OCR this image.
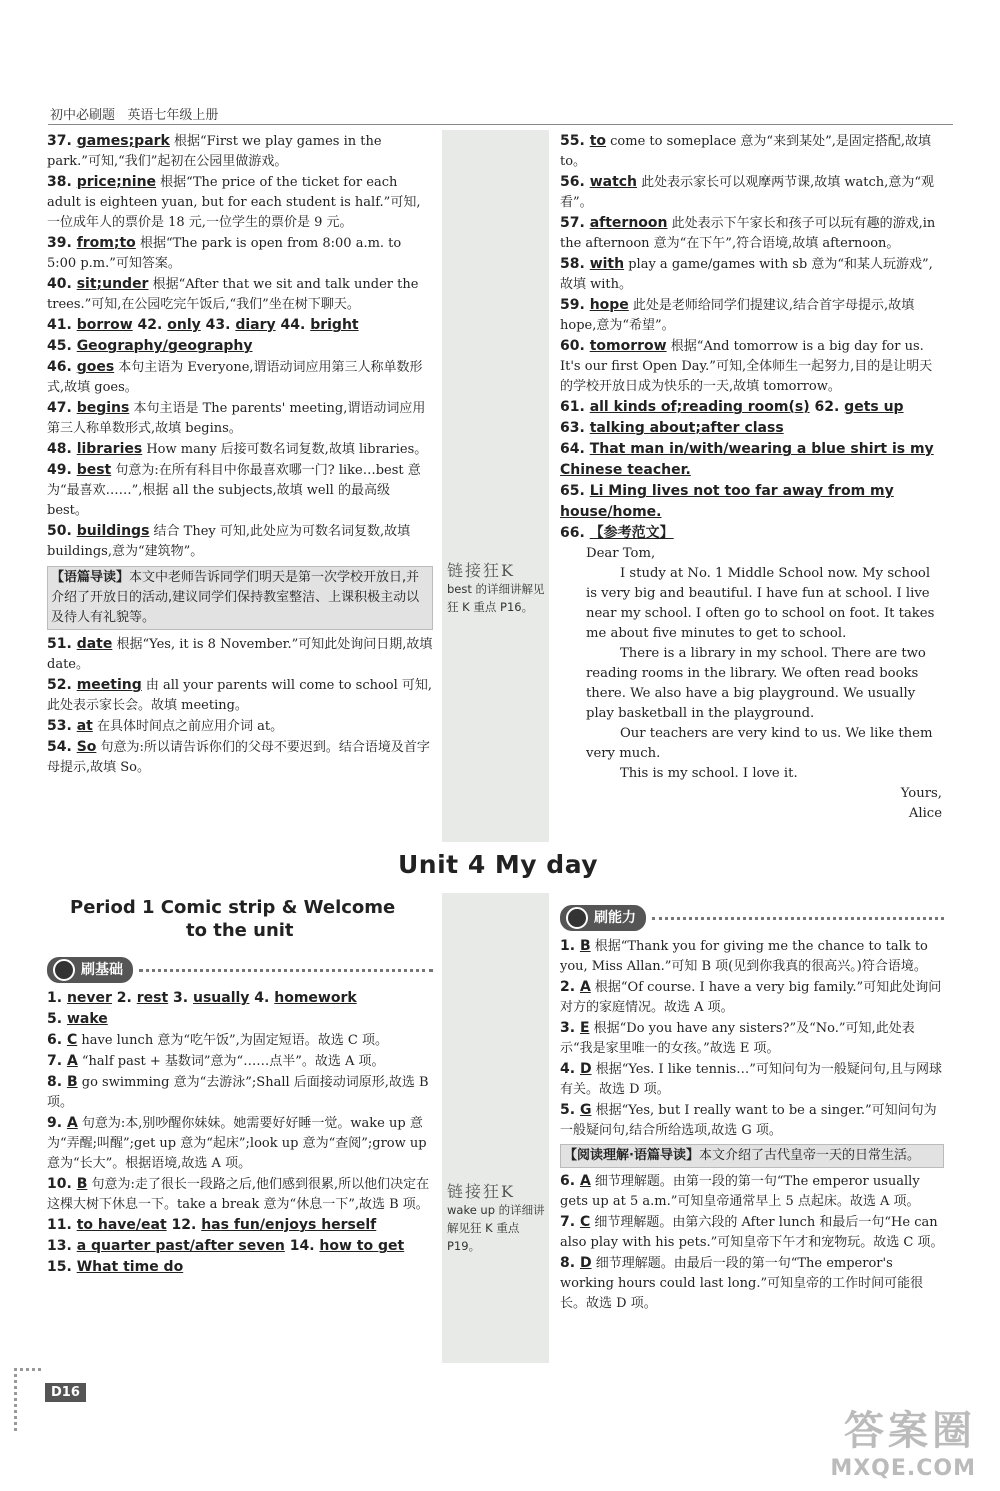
初中必刷题 英语七年级上册
37. games;park 根据“First we play games in the park.”可知,“我们”起初在公园里做游戏。
38. price;nine 根据“The price of the ticket for each adult is eighteen yuan, but for each student is half.”可知,一位成年人的票价是 18 元,一位学生的票价是 9 元。
39. from;to 根据“The park is open from 8:00 a.m. to 5:00 p.m.”可知答案。
40. sit;under 根据“After that we sit and talk under the trees.”可知,在公园吃完午饭后,“我们”坐在树下聊天。
41. borrow 42. only 43. diary 44. bright
45. Geography/geography
46. goes 本句主语为 Everyone,谓语动词应用第三人称单数形式,故填 goes。
47. begins 本句主语是 The parents' meeting,谓语动词应用第三人称单数形式,故填 begins。
48. libraries How many 后接可数名词复数,故填 libraries。
49. best 句意为:在所有科目中你最喜欢哪一门? like…best 意为“最喜欢……”,根据 all the subjects,故填 well 的最高级 best。
50. buildings 结合 They 可知,此处应为可数名词复数,故填 buildings,意为“建筑物”。
【语篇导读】本文中老师告诉同学们明天是第一次学校开放日,并介绍了开放日的活动,建议同学们保持教室整洁、上课积极主动以及待人有礼貌等。
51. date 根据“Yes, it is 8 November.”可知此处询问日期,故填 date。
52. meeting 由 all your parents will come to school 可知,此处表示家长会。故填 meeting。
53. at 在具体时间点之前应用介词 at。
54. So 句意为:所以请告诉你们的父母不要迟到。结合语境及首字母提示,故填 So。
链接狂K
best 的详细讲解见狂 K 重点 P16。
55. to come to someplace 意为“来到某处”,是固定搭配,故填 to。
56. watch 此处表示家长可以观摩两节课,故填 watch,意为“观看”。
57. afternoon 此处表示下午家长和孩子可以玩有趣的游戏,in the afternoon 意为“在下午”,符合语境,故填 afternoon。
58. with play a game/games with sb 意为“和某人玩游戏”,故填 with。
59. hope 此处是老师给同学们提建议,结合首字母提示,故填 hope,意为“希望”。
60. tomorrow 根据“And tomorrow is a big day for us. It's our first Open Day.”可知,全体师生一起努力,目的是让明天的学校开放日成为快乐的一天,故填 tomorrow。
61. all kinds of;reading room(s) 62. gets up
63. talking about;after class
64. That man in/with/wearing a blue shirt is my Chinese teacher.
65. Li Ming lives not too far away from my house/home.
66. 【参考范文】
Dear Tom,

I study at No. 1 Middle School now. My school is very big and beautiful. I have fun at school. I live near my school. I often go to school on foot. It takes me about five minutes to get to school.

There is a library in my school. There are two reading rooms in the library. We often read books there. We also have a big playground. We usually play basketball in the playground.

Our teachers are very kind to us. We like them very much.

This is my school. I love it.

Yours,
Alice
Unit 4 My day
Period 1 Comic strip & Welcome
to the unit
刷基础
1. never 2. rest 3. usually 4. homework
5. wake
6. C have lunch 意为“吃午饭”,为固定短语。故选 C 项。
7. A “half past + 基数词”意为“……点半”。故选 A 项。
8. B go swimming 意为“去游泳”;Shall 后面接动词原形,故选 B 项。
9. A 句意为:本,别吵醒你妹妹。她需要好好睡一觉。wake up 意为“弄醒;叫醒”;get up 意为“起床”;look up 意为“查阅”;grow up 意为“长大”。根据语境,故选 A 项。
10. B 句意为:走了很长一段路之后,他们感到很累,所以他们决定在这棵大树下休息一下。take a break 意为“休息一下”,故选 B 项。
11. to have/eat 12. has fun/enjoys herself
13. a quarter past/after seven 14. how to get
15. What time do
链接狂K
wake up 的详细讲解见狂 K 重点 P19。
刷能力
1. B 根据“Thank you for giving me the chance to talk to you, Miss Allan.”可知 B 项(见到你我真的很高兴。)符合语境。
2. A 根据“Of course. I have a very big family.”可知此处询问对方的家庭情况。故选 A 项。
3. E 根据“Do you have any sisters?”及“No.”可知,此处表示“我是家里唯一的女孩。”故选 E 项。
4. D 根据“Yes. I like tennis…”可知问句为一般疑问句,且与网球有关。故选 D 项。
5. G 根据“Yes, but I really want to be a singer.”可知问句为一般疑问句,结合所给选项,故选 G 项。
【阅读理解·语篇导读】本文介绍了古代皇帝一天的日常生活。
6. A 细节理解题。由第一段的第一句“The emperor usually gets up at 5 a.m.”可知皇帝通常早上 5 点起床。故选 A 项。
7. C 细节理解题。由第六段的 After lunch 和最后一句“He can also play with his pets.”可知皇帝下午才和宠物玩。故选 C 项。
8. D 细节理解题。由最后一段的第一句“The emperor's working hours could last long.”可知皇帝的工作时间可能很长。故选 D 项。
D16
答案圈
MXQE.COM
